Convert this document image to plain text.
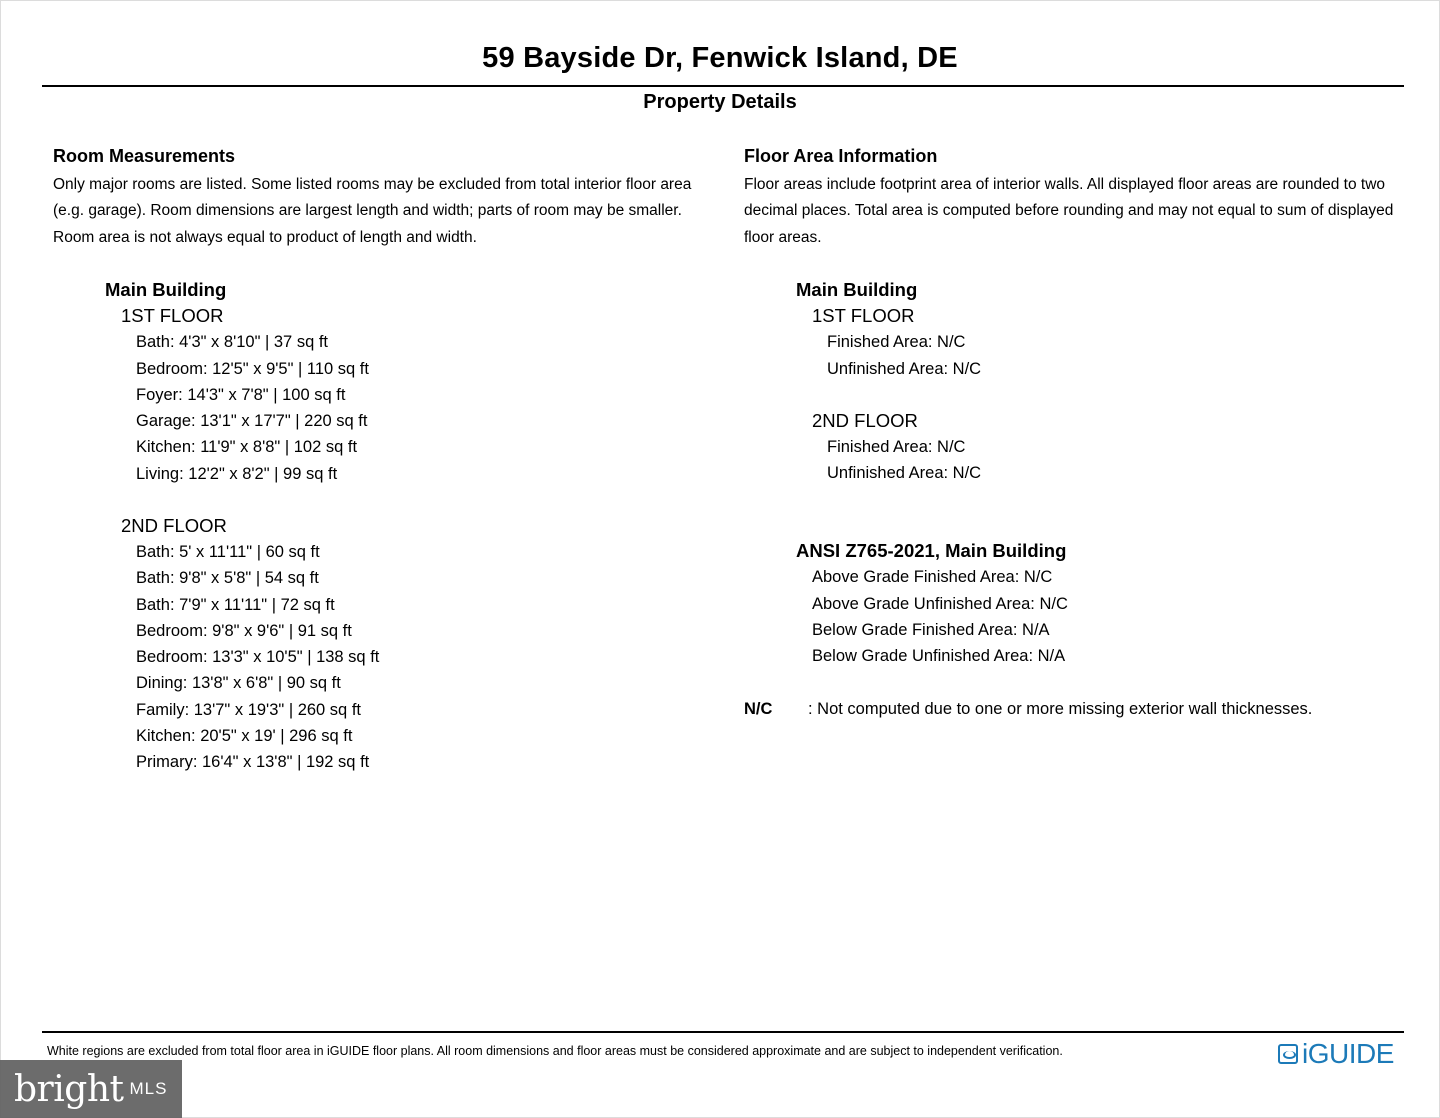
59 Bayside Dr, Fenwick Island, DE
Property Details
Room Measurements

Only major rooms are listed. Some listed rooms may be excluded from total interior floor area

(e.g. garage). Room dimensions are largest length and width; parts of room may be smaller.

Room area is not always equal to product of length and width.

Main Building
1ST FLOOR
Bath: 4'3" x 8'10" | 37 sq ft
Bedroom: 12'5" x 9'5" | 110 sq ft
Foyer: 14'3" x 7'8" | 100 sq ft
Garage: 13'1" x 17'7" | 220 sq ft
Kitchen: 11'9" x 8'8" | 102 sq ft
Living: 12'2" x 8'2" | 99 sq ft
2ND FLOOR
Bath: 5' x 11'11" | 60 sq ft
Bath: 9'8" x 5'8" | 54 sq ft
Bath: 7'9" x 11'11" | 72 sq ft
Bedroom: 9'8" x 9'6" | 91 sq ft
Bedroom: 13'3" x 10'5" | 138 sq ft
Dining: 13'8" x 6'8" | 90 sq ft
Family: 13'7" x 19'3" | 260 sq ft
Kitchen: 20'5" x 19' | 296 sq ft
Primary: 16'4" x 13'8" | 192 sq ft
Floor Area Information

Floor areas include footprint area of interior walls. All displayed floor areas are rounded to two

decimal places. Total area is computed before rounding and may not equal to sum of displayed

floor areas.

Main Building
1ST FLOOR
Finished Area: N/C
Unfinished Area: N/C
2ND FLOOR
Finished Area: N/C
Unfinished Area: N/C
ANSI Z765-2021, Main Building
Above Grade Finished Area: N/C
Above Grade Unfinished Area: N/C
Below Grade Finished Area: N/A
Below Grade Unfinished Area: N/A
N/C : Not computed due to one or more missing exterior wall thicknesses.
White regions are excluded from total floor area in iGUIDE floor plans. All room dimensions and floor areas must be considered approximate and are subject to independent verification.	iGUIDE
bright MLS
